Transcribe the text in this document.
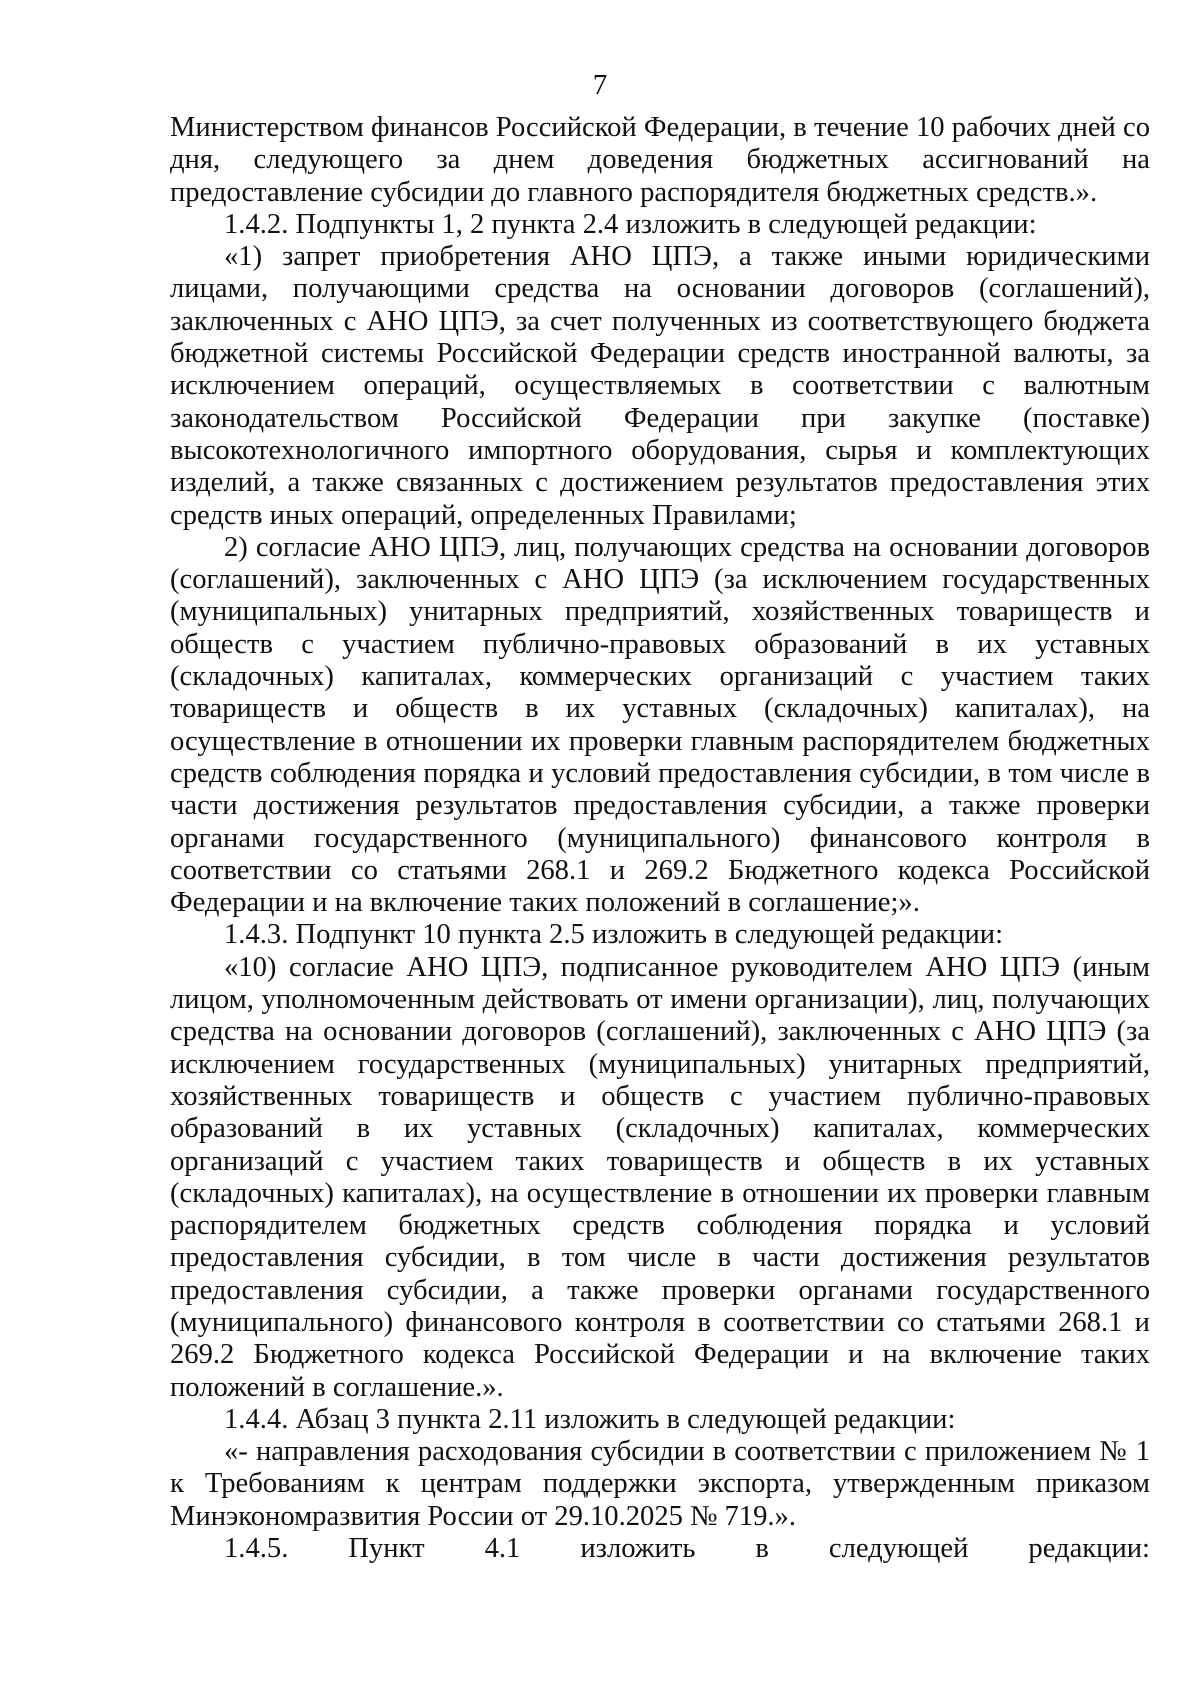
7

Министерством финансов Российской Федерации, в течение 10 рабочих дней со дня, следующего за днем доведения бюджетных ассигнований на предоставление субсидии до главного распорядителя бюджетных средств.».

1.4.2. Подпункты 1, 2 пункта 2.4 изложить в следующей редакции:

«1) запрет приобретения АНО ЦПЭ, а также иными юридическими лицами, получающими средства на основании договоров (соглашений), заключенных с АНО ЦПЭ, за счет полученных из соответствующего бюджета бюджетной системы Российской Федерации средств иностранной валюты, за исключением операций, осуществляемых в соответствии с валютным законодательством Российской Федерации при закупке (поставке) высокотехнологичного импортного оборудования, сырья и комплектующих изделий, а также связанных с достижением результатов предоставления этих средств иных операций, определенных Правилами;

2) согласие АНО ЦПЭ, лиц, получающих средства на основании договоров (соглашений), заключенных с АНО ЦПЭ (за исключением государственных (муниципальных) унитарных предприятий, хозяйственных товариществ и обществ с участием публично-правовых образований в их уставных (складочных) капиталах, коммерческих организаций с участием таких товариществ и обществ в их уставных (складочных) капиталах), на осуществление в отношении их проверки главным распорядителем бюджетных средств соблюдения порядка и условий предоставления субсидии, в том числе в части достижения результатов предоставления субсидии, а также проверки органами государственного (муниципального) финансового контроля в соответствии со статьями 268.1 и 269.2 Бюджетного кодекса Российской Федерации и на включение таких положений в соглашение;».

1.4.3. Подпункт 10 пункта 2.5 изложить в следующей редакции:

«10) согласие АНО ЦПЭ, подписанное руководителем АНО ЦПЭ (иным лицом, уполномоченным действовать от имени организации), лиц, получающих средства на основании договоров (соглашений), заключенных с АНО ЦПЭ (за исключением государственных (муниципальных) унитарных предприятий, хозяйственных товариществ и обществ с участием публично-правовых образований в их уставных (складочных) капиталах, коммерческих организаций с участием таких товариществ и обществ в их уставных (складочных) капиталах), на осуществление в отношении их проверки главным распорядителем бюджетных средств соблюдения порядка и условий предоставления субсидии, в том числе в части достижения результатов предоставления субсидии, а также проверки органами государственного (муниципального) финансового контроля в соответствии со статьями 268.1 и 269.2 Бюджетного кодекса Российской Федерации и на включение таких положений в соглашение.».

1.4.4. Абзац 3 пункта 2.11 изложить в следующей редакции:

«- направления расходования субсидии в соответствии с приложением № 1 к Требованиям к центрам поддержки экспорта, утвержденным приказом Минэкономразвития России от 29.10.2025 № 719.».

1.4.5. Пункт 4.1 изложить в следующей редакции:
